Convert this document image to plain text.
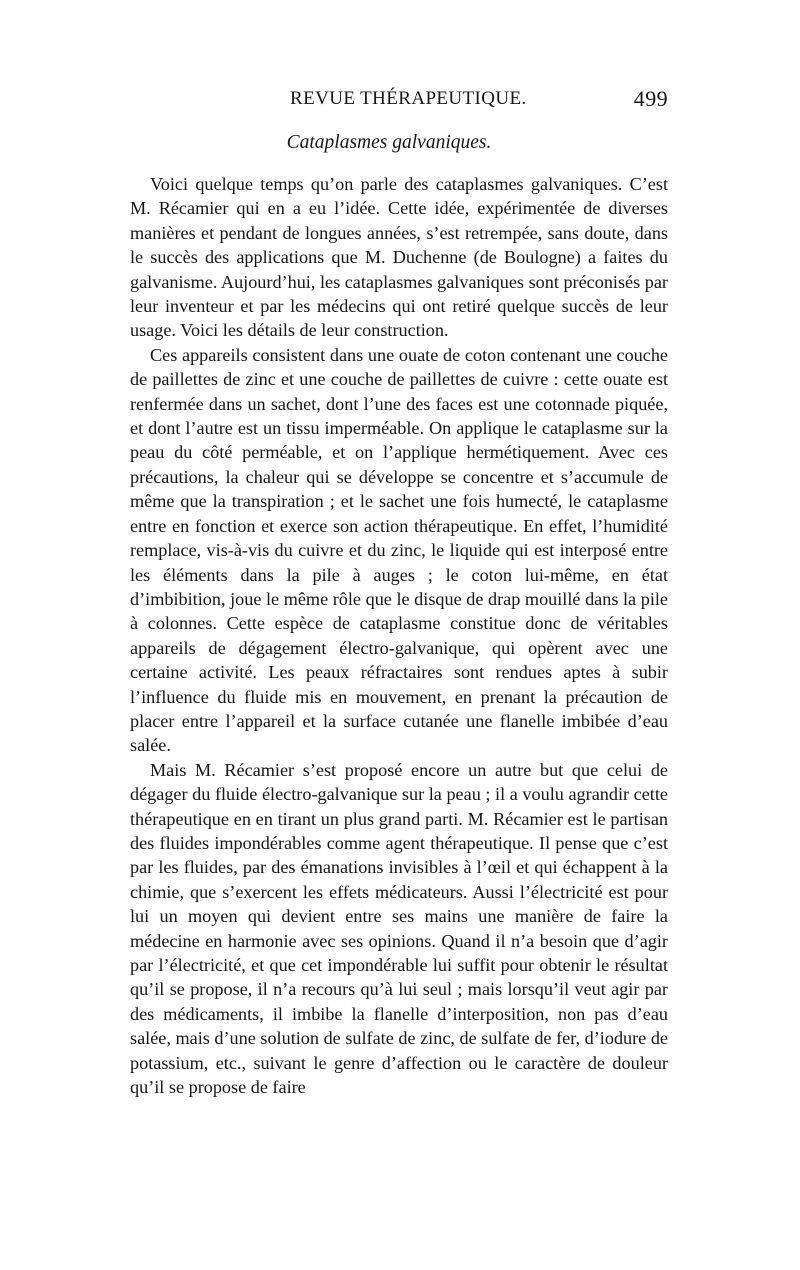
REVUE THÉRAPEUTIQUE.	499
Cataplasmes galvaniques.

Voici quelque temps qu’on parle des cataplasmes galvaniques. C’est M. Récamier qui en a eu l’idée. Cette idée, expérimentée de diverses manières et pendant de longues années, s’est retrempée, sans doute, dans le succès des applications que M. Duchenne (de Boulogne) a faites du galvanisme. Aujourd’hui, les cataplasmes galvaniques sont préconisés par leur inventeur et par les médecins qui ont retiré quelque succès de leur usage. Voici les détails de leur construction.

Ces appareils consistent dans une ouate de coton contenant une couche de paillettes de zinc et une couche de paillettes de cuivre : cette ouate est renfermée dans un sachet, dont l’une des faces est une cotonnade piquée, et dont l’autre est un tissu imperméable. On applique le cataplasme sur la peau du côté perméable, et on l’applique hermétiquement. Avec ces précautions, la chaleur qui se développe se concentre et s’accumule de même que la transpiration ; et le sachet une fois humecté, le cataplasme entre en fonction et exerce son action thérapeutique. En effet, l’humidité remplace, vis-à-vis du cuivre et du zinc, le liquide qui est interposé entre les éléments dans la pile à auges ; le coton lui-même, en état d’imbibition, joue le même rôle que le disque de drap mouillé dans la pile à colonnes. Cette espèce de cataplasme constitue donc de véritables appareils de dégagement électro-galvanique, qui opèrent avec une certaine activité. Les peaux réfractaires sont rendues aptes à subir l’influence du fluide mis en mouvement, en prenant la précaution de placer entre l’appareil et la surface cutanée une flanelle imbibée d’eau salée.

Mais M. Récamier s’est proposé encore un autre but que celui de dégager du fluide électro-galvanique sur la peau ; il a voulu agrandir cette thérapeutique en en tirant un plus grand parti. M. Récamier est le partisan des fluides impondérables comme agent thérapeutique. Il pense que c’est par les fluides, par des émanations invisibles à l’œil et qui échappent à la chimie, que s’exercent les effets médicateurs. Aussi l’électricité est pour lui un moyen qui devient entre ses mains une manière de faire la médecine en harmonie avec ses opinions. Quand il n’a besoin que d’agir par l’électricité, et que cet impondérable lui suffit pour obtenir le résultat qu’il se propose, il n’a recours qu’à lui seul ; mais lorsqu’il veut agir par des médicaments, il imbibe la flanelle d’interposition, non pas d’eau salée, mais d’une solution de sulfate de zinc, de sulfate de fer, d’iodure de potassium, etc., suivant le genre d’affection ou le caractère de douleur qu’il se propose de faire
